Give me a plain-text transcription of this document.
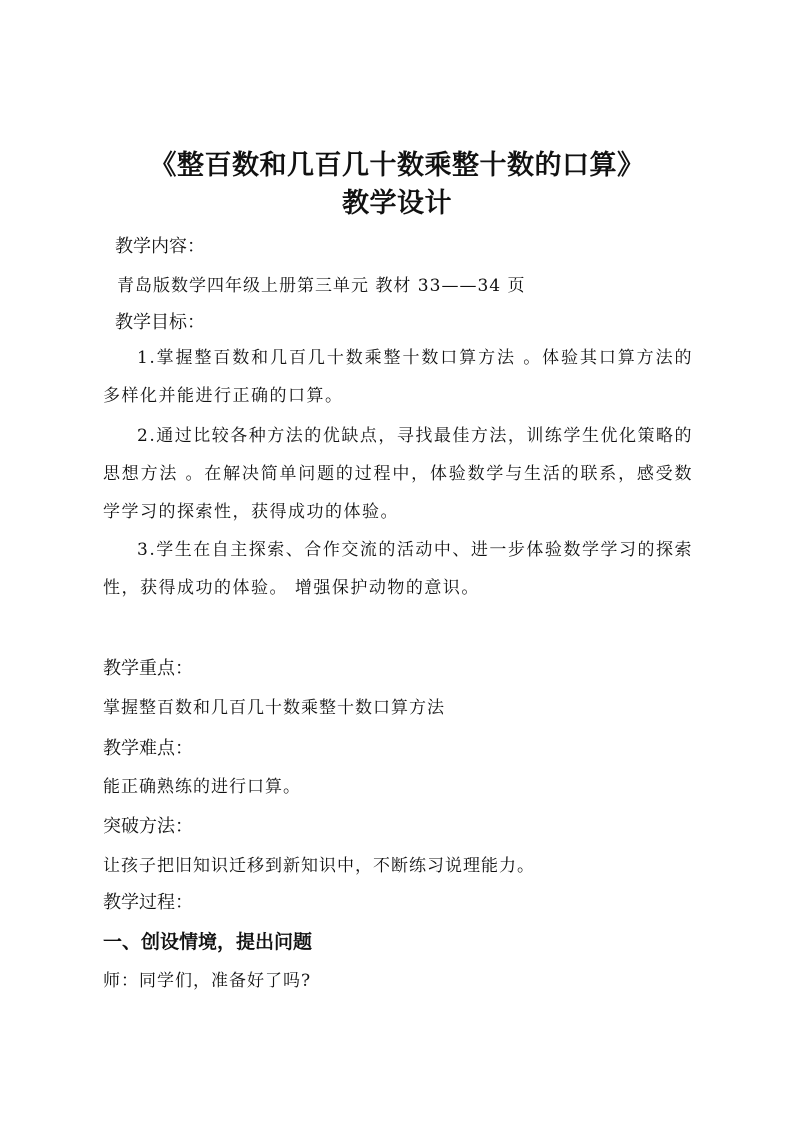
《整百数和几百几十数乘整十数的口算》
教学设计
教学内容：
青岛版数学四年级上册第三单元 教材 33——34 页
教学目标：
1.掌握整百数和几百几十数乘整十数口算方法 。体验其口算方法的多样化并能进行正确的口算。
2.通过比较各种方法的优缺点，寻找最佳方法，训练学生优化策略的思想方法 。在解决简单问题的过程中，体验数学与生活的联系，感受数学学习的探索性，获得成功的体验。
3.学生在自主探索、合作交流的活动中、进一步体验数学学习的探索性，获得成功的体验。 增强保护动物的意识。
教学重点：
掌握整百数和几百几十数乘整十数口算方法
教学难点：
能正确熟练的进行口算。
突破方法：
让孩子把旧知识迁移到新知识中，不断练习说理能力。
教学过程：
一、创设情境，提出问题
师：同学们，准备好了吗?
